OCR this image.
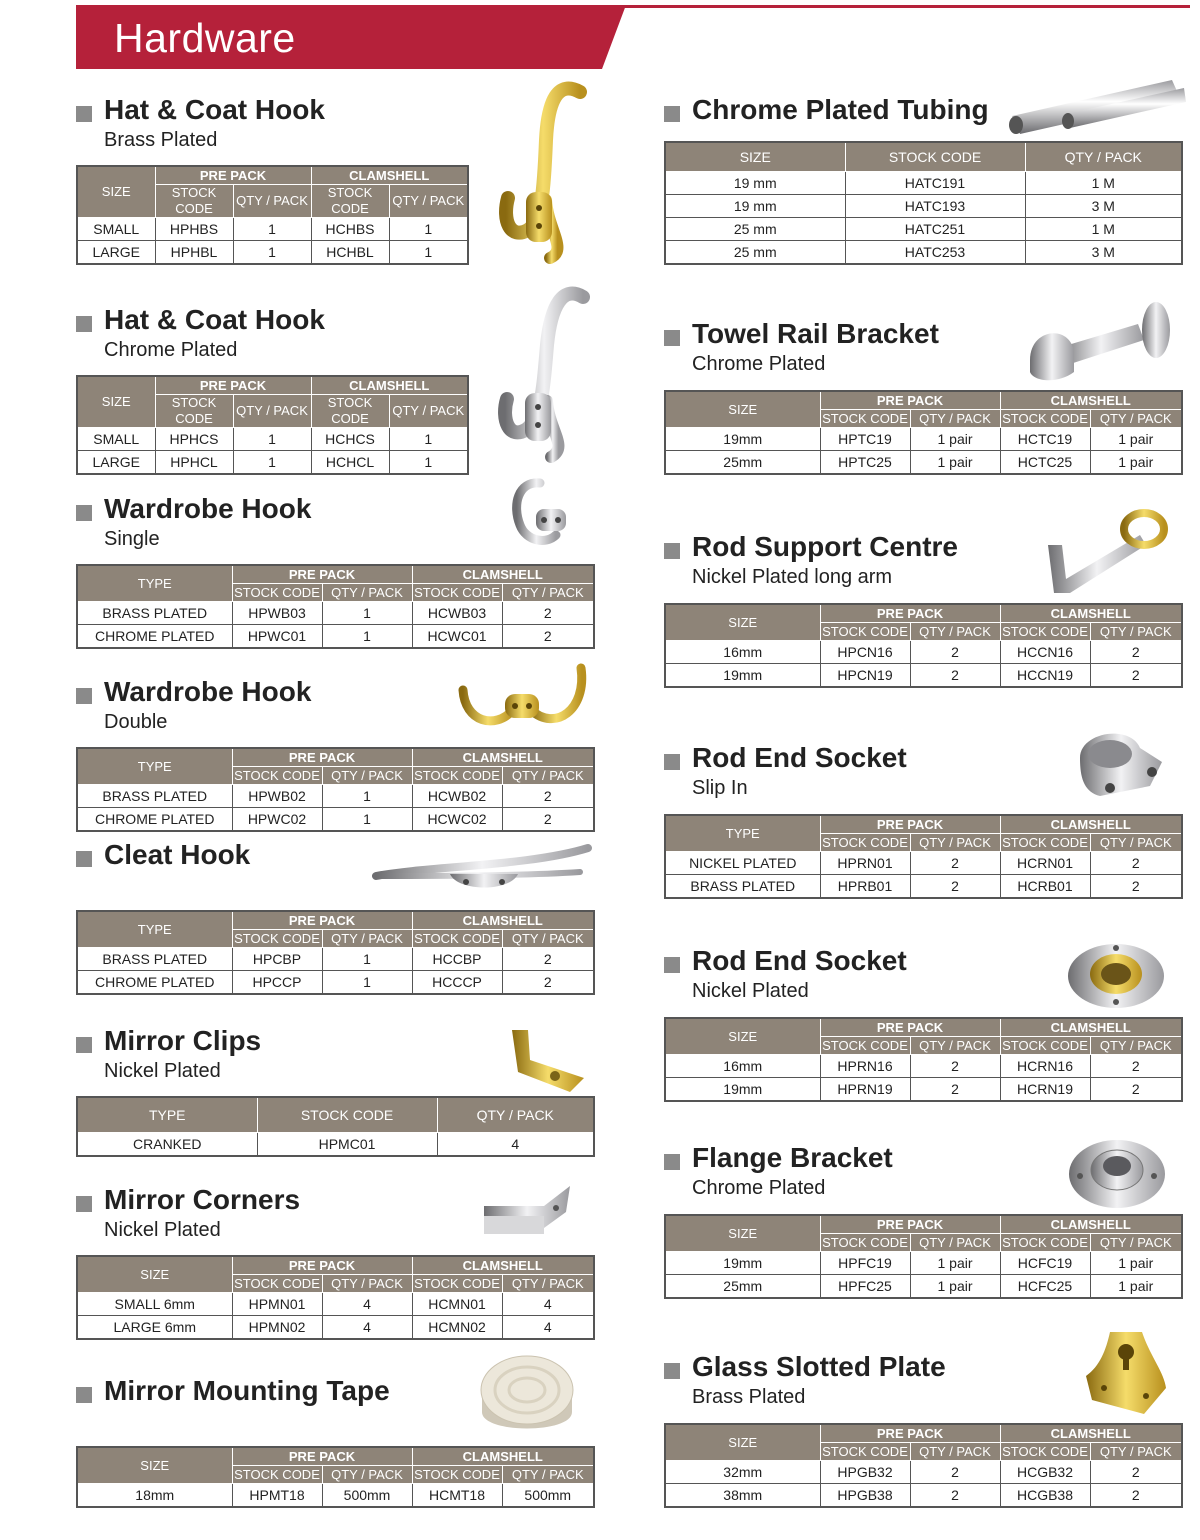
Hardware
Hat & Coat Hook
Brass Plated
SIZE	PRE PACK		CLAMSHELL	
	STOCK CODE	QTY / PACK	STOCK CODE	QTY / PACK
SMALL	HPHBS	1	HCHBS	1
LARGE	HPHBL	1	HCHBL	1
Hat & Coat Hook
Chrome Plated
SIZE	PRE PACK		CLAMSHELL	
	STOCK CODE	QTY / PACK	STOCK CODE	QTY / PACK
SMALL	HPHCS	1	HCHCS	1
LARGE	HPHCL	1	HCHCL	1
Wardrobe Hook
Single
TYPE	PRE PACK		CLAMSHELL	
	STOCK CODE	QTY / PACK	STOCK CODE	QTY / PACK
BRASS PLATED	HPWB03	1	HCWB03	2
CHROME PLATED	HPWC01	1	HCWC01	2
Wardrobe Hook
Double
TYPE	PRE PACK		CLAMSHELL	
	STOCK CODE	QTY / PACK	STOCK CODE	QTY / PACK
BRASS PLATED	HPWB02	1	HCWB02	2
CHROME PLATED	HPWC02	1	HCWC02	2
Cleat Hook
TYPE	PRE PACK		CLAMSHELL	
	STOCK CODE	QTY / PACK	STOCK CODE	QTY / PACK
BRASS PLATED	HPCBP	1	HCCBP	2
CHROME PLATED	HPCCP	1	HCCCP	2
Mirror Clips
Nickel Plated
TYPE	STOCK CODE	QTY / PACK
CRANKED	HPMC01	4
Mirror Corners
Nickel Plated
SIZE	PRE PACK		CLAMSHELL	
	STOCK CODE	QTY / PACK	STOCK CODE	QTY / PACK
SMALL 6mm	HPMN01	4	HCMN01	4
LARGE 6mm	HPMN02	4	HCMN02	4
Mirror Mounting Tape
SIZE	PRE PACK		CLAMSHELL	
	STOCK CODE	QTY / PACK	STOCK CODE	QTY / PACK
18mm	HPMT18	500mm	HCMT18	500mm
Chrome Plated Tubing
SIZE	STOCK CODE	QTY / PACK
19 mm	HATC191	1 M
19 mm	HATC193	3 M
25 mm	HATC251	1 M
25 mm	HATC253	3 M
Towel Rail Bracket
Chrome Plated
SIZE	PRE PACK		CLAMSHELL	
	STOCK CODE	QTY / PACK	STOCK CODE	QTY / PACK
19mm	HPTC19	1 pair	HCTC19	1 pair
25mm	HPTC25	1 pair	HCTC25	1 pair
Rod Support Centre
Nickel Plated long arm
SIZE	PRE PACK		CLAMSHELL	
	STOCK CODE	QTY / PACK	STOCK CODE	QTY / PACK
16mm	HPCN16	2	HCCN16	2
19mm	HPCN19	2	HCCN19	2
Rod End Socket
Slip In
TYPE	PRE PACK		CLAMSHELL	
	STOCK CODE	QTY / PACK	STOCK CODE	QTY / PACK
NICKEL PLATED	HPRN01	2	HCRN01	2
BRASS PLATED	HPRB01	2	HCRB01	2
Rod End Socket
Nickel Plated
SIZE	PRE PACK		CLAMSHELL	
	STOCK CODE	QTY / PACK	STOCK CODE	QTY / PACK
16mm	HPRN16	2	HCRN16	2
19mm	HPRN19	2	HCRN19	2
Flange Bracket
Chrome Plated
SIZE	PRE PACK		CLAMSHELL	
	STOCK CODE	QTY / PACK	STOCK CODE	QTY / PACK
19mm	HPFC19	1 pair	HCFC19	1 pair
25mm	HPFC25	1 pair	HCFC25	1 pair
Glass Slotted Plate
Brass Plated
SIZE	PRE PACK		CLAMSHELL	
	STOCK CODE	QTY / PACK	STOCK CODE	QTY / PACK
32mm	HPGB32	2	HCGB32	2
38mm	HPGB38	2	HCGB38	2
